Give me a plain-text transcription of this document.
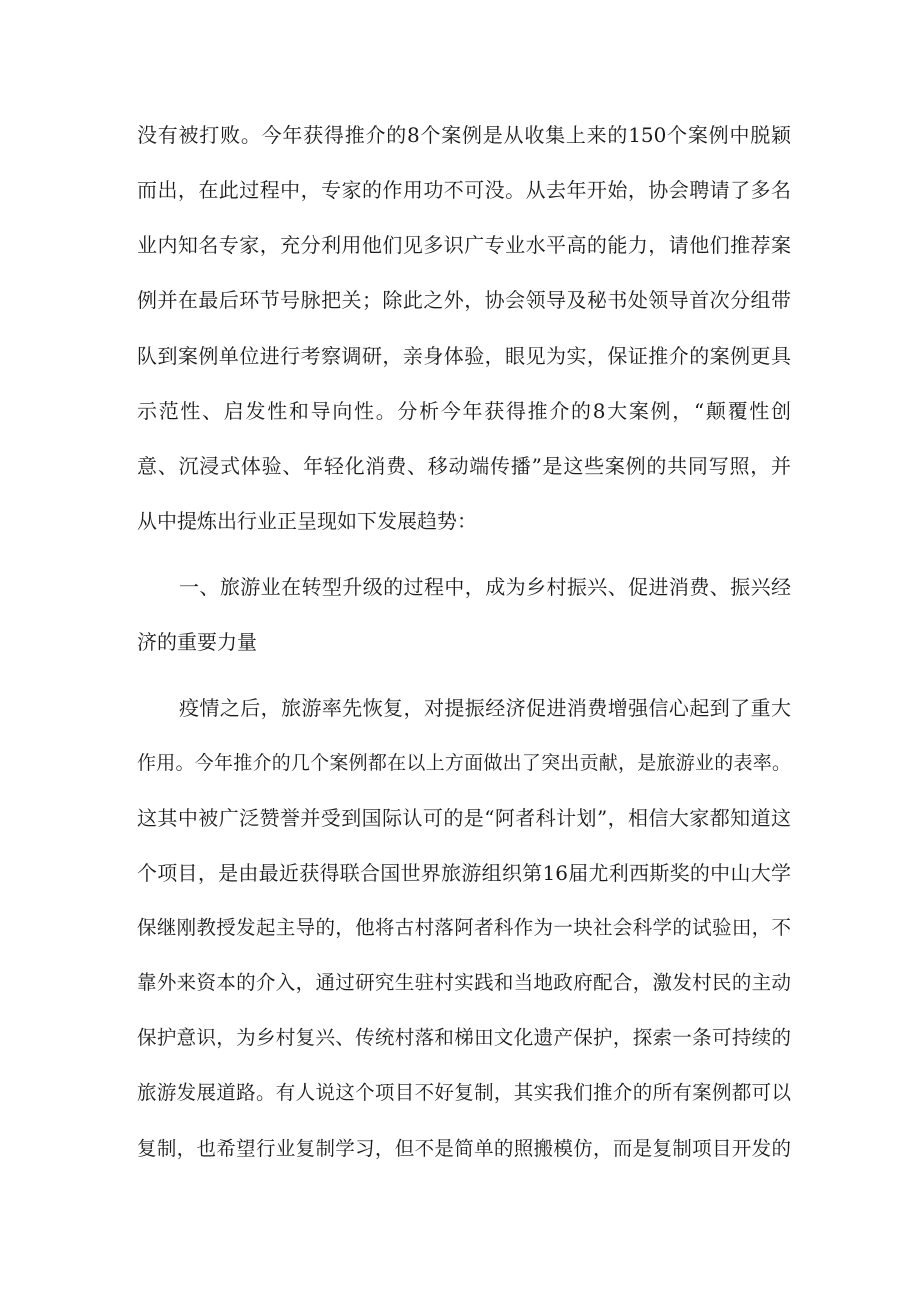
没有被打败。今年获得推介的8个案例是从收集上来的150个案例中脱颖
而出，在此过程中，专家的作用功不可没。从去年开始，协会聘请了多名
业内知名专家，充分利用他们见多识广专业水平高的能力，请他们推荐案
例并在最后环节号脉把关；除此之外，协会领导及秘书处领导首次分组带
队到案例单位进行考察调研，亲身体验，眼见为实，保证推介的案例更具
示范性、启发性和导向性。分析今年获得推介的8大案例，“颠覆性创
意、沉浸式体验、年轻化消费、移动端传播”是这些案例的共同写照，并
从中提炼出行业正呈现如下发展趋势：
一、旅游业在转型升级的过程中，成为乡村振兴、促进消费、振兴经
济的重要力量
疫情之后，旅游率先恢复，对提振经济促进消费增强信心起到了重大
作用。今年推介的几个案例都在以上方面做出了突出贡献，是旅游业的表率。
这其中被广泛赞誉并受到国际认可的是“阿者科计划”，相信大家都知道这
个项目，是由最近获得联合国世界旅游组织第16届尤利西斯奖的中山大学
保继刚教授发起主导的，他将古村落阿者科作为一块社会科学的试验田，不
靠外来资本的介入，通过研究生驻村实践和当地政府配合，激发村民的主动
保护意识，为乡村复兴、传统村落和梯田文化遗产保护，探索一条可持续的
旅游发展道路。有人说这个项目不好复制，其实我们推介的所有案例都可以
复制，也希望行业复制学习，但不是简单的照搬模仿，而是复制项目开发的
